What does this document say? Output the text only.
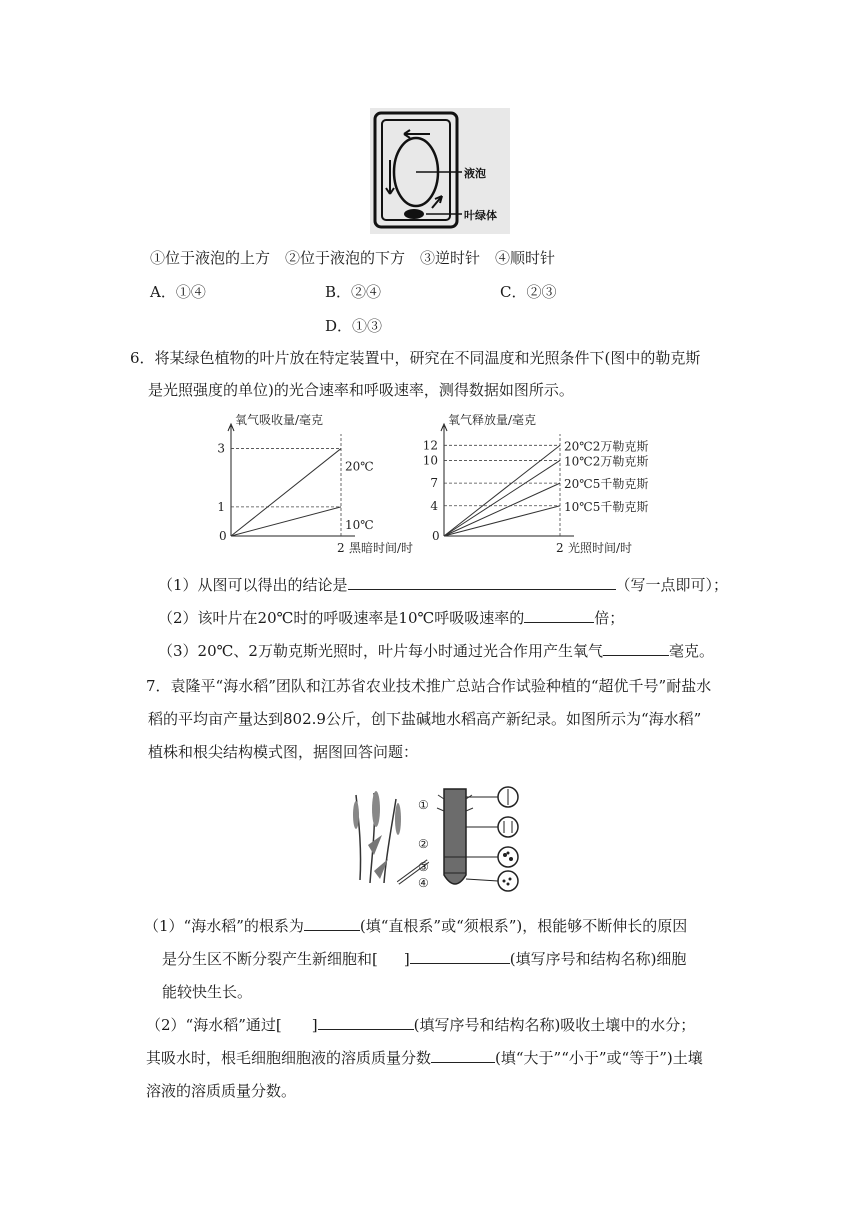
液泡
叶绿体
①位于液泡的上方　②位于液泡的下方　③逆时针　④顺时针
A．①④	B．②④	C．②③
D．①③
6．将某绿色植物的叶片放在特定装置中，研究在不同温度和光照条件下(图中的勒克斯
是光照强度的单位)的光合速率和呼吸速率，测得数据如图所示。
氧气吸收量/毫克
黑暗时间/时
0
2
1
3
20℃
10℃
氧气释放量/毫克
光照时间/时
0
2
4
7
10
12	20℃2万勒克斯
10℃2万勒克斯
20℃5千勒克斯
10℃5千勒克斯
（1）从图可以得出的结论是	（写一点即可）；
（2）该叶片在20℃时的呼吸速率是10℃呼吸吸速率的	倍；
（3）20℃、2万勒克斯光照时，叶片每小时通过光合作用产生氧气	毫克。
7．袁隆平“海水稻”团队和江苏省农业技术推广总站合作试验种植的“超优千号”耐盐水
稻的平均亩产量达到802.9公斤，创下盐碱地水稻高产新纪录。如图所示为“海水稻”
植株和根尖结构模式图，据图回答问题：
①
②
③
④
（1）“海水稻”的根系为	(填“直根系”或“须根系”)，根能够不断伸长的原因
是分生区不断分裂产生新细胞和[ ]	(填写序号和结构名称)细胞
能较快生长。
（2）“海水稻”通过[ ]	(填写序号和结构名称)吸收土壤中的水分；
其吸水时，根毛细胞细胞液的溶质质量分数	(填“大于”“小于”或“等于”)土壤
溶液的溶质质量分数。
